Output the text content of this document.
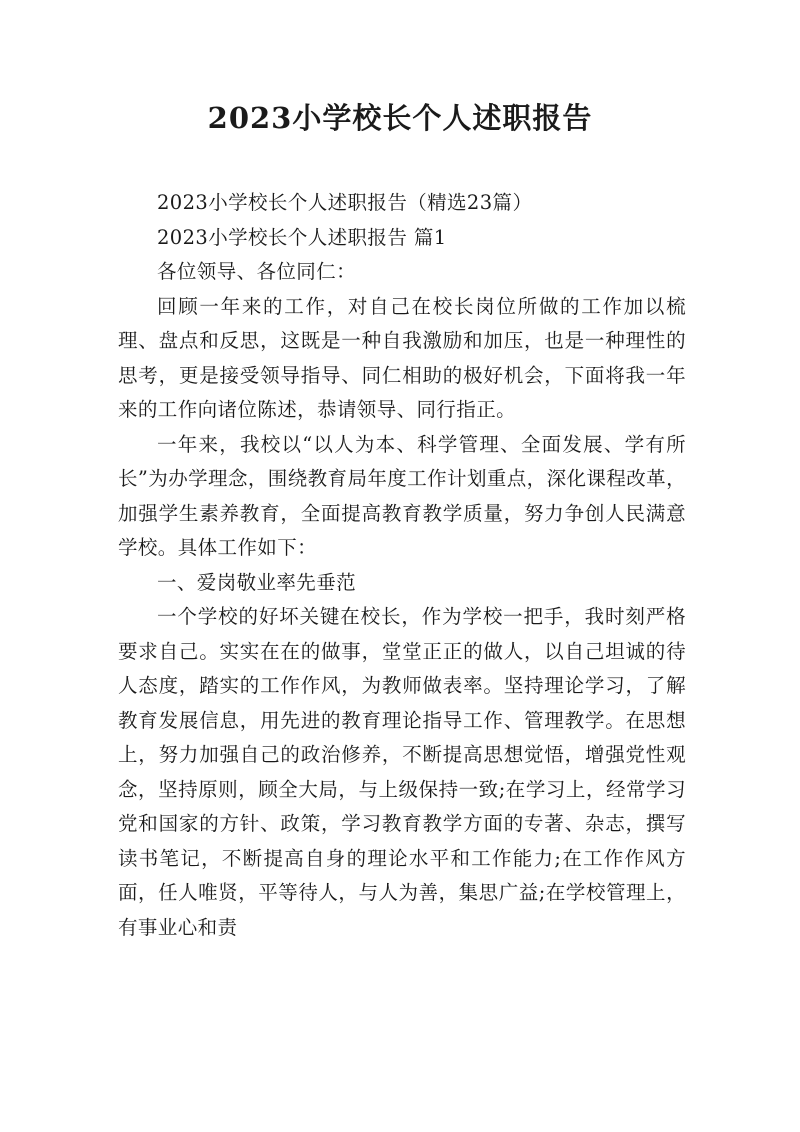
2023小学校长个人述职报告

2023小学校长个人述职报告（精选23篇）

2023小学校长个人述职报告 篇1

各位领导、各位同仁：

回顾一年来的工作，对自己在校长岗位所做的工作加以梳理、盘点和反思，这既是一种自我激励和加压，也是一种理性的思考，更是接受领导指导、同仁相助的极好机会，下面将我一年来的工作向诸位陈述，恭请领导、同行指正。

一年来，我校以“以人为本、科学管理、全面发展、学有所长”为办学理念，围绕教育局年度工作计划重点，深化课程改革，加强学生素养教育，全面提高教育教学质量，努力争创人民满意学校。具体工作如下：

一、爱岗敬业率先垂范

一个学校的好坏关键在校长，作为学校一把手，我时刻严格要求自己。实实在在的做事，堂堂正正的做人，以自己坦诚的待人态度，踏实的工作作风，为教师做表率。坚持理论学习，了解教育发展信息，用先进的教育理论指导工作、管理教学。在思想上，努力加强自己的政治修养，不断提高思想觉悟，增强党性观念，坚持原则，顾全大局，与上级保持一致;在学习上，经常学习党和国家的方针、政策，学习教育教学方面的专著、杂志，撰写读书笔记，不断提高自身的理论水平和工作能力;在工作作风方面，任人唯贤，平等待人，与人为善，集思广益;在学校管理上，有事业心和责
